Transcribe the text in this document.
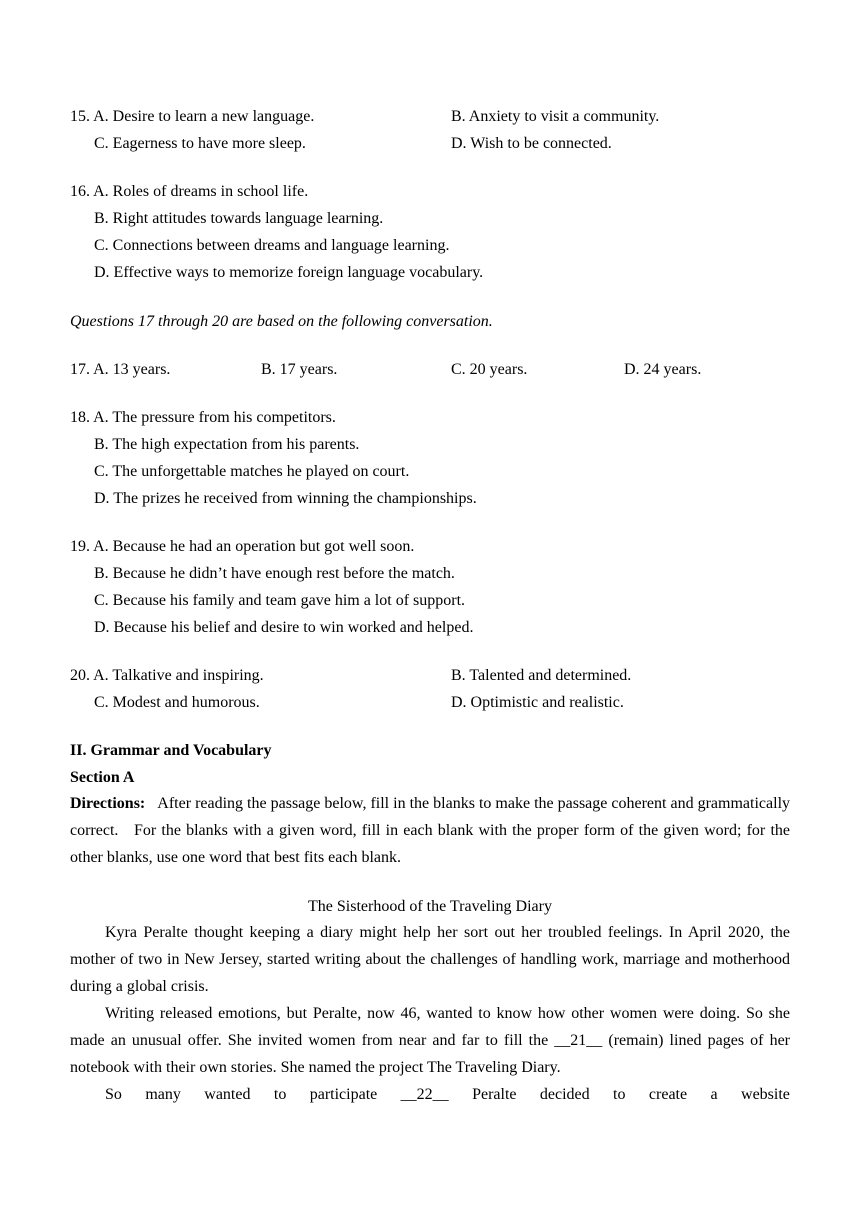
15. A. Desire to learn a new language.	B. Anxiety to visit a community.
C. Eagerness to have more sleep.	D. Wish to be connected.
16. A. Roles of dreams in school life.
B. Right attitudes towards language learning.
C. Connections between dreams and language learning.
D. Effective ways to memorize foreign language vocabulary.
Questions 17 through 20 are based on the following conversation.
17. A. 13 years.	B. 17 years.	C. 20 years.	D. 24 years.
18. A. The pressure from his competitors.
B. The high expectation from his parents.
C. The unforgettable matches he played on court.
D. The prizes he received from winning the championships.
19. A. Because he had an operation but got well soon.
B. Because he didn’t have enough rest before the match.
C. Because his family and team gave him a lot of support.
D. Because his belief and desire to win worked and helped.
20. A. Talkative and inspiring.	B. Talented and determined.
C. Modest and humorous.	D. Optimistic and realistic.
II. Grammar and Vocabulary
Section A
Directions: After reading the passage below, fill in the blanks to make the passage coherent and grammatically correct.   For the blanks with a given word, fill in each blank with the proper form of the given word; for the other blanks, use one word that best fits each blank.
The Sisterhood of the Traveling Diary
Kyra Peralte thought keeping a diary might help her sort out her troubled feelings. In April 2020, the mother of two in New Jersey, started writing about the challenges of handling work, marriage and motherhood during a global crisis.
Writing released emotions, but Peralte, now 46, wanted to know how other women were doing. So she made an unusual offer. She invited women from near and far to fill the __21__ (remain) lined pages of her notebook with their own stories. She named the project The Traveling Diary.
So many wanted to participate __22__ Peralte decided to create a website
